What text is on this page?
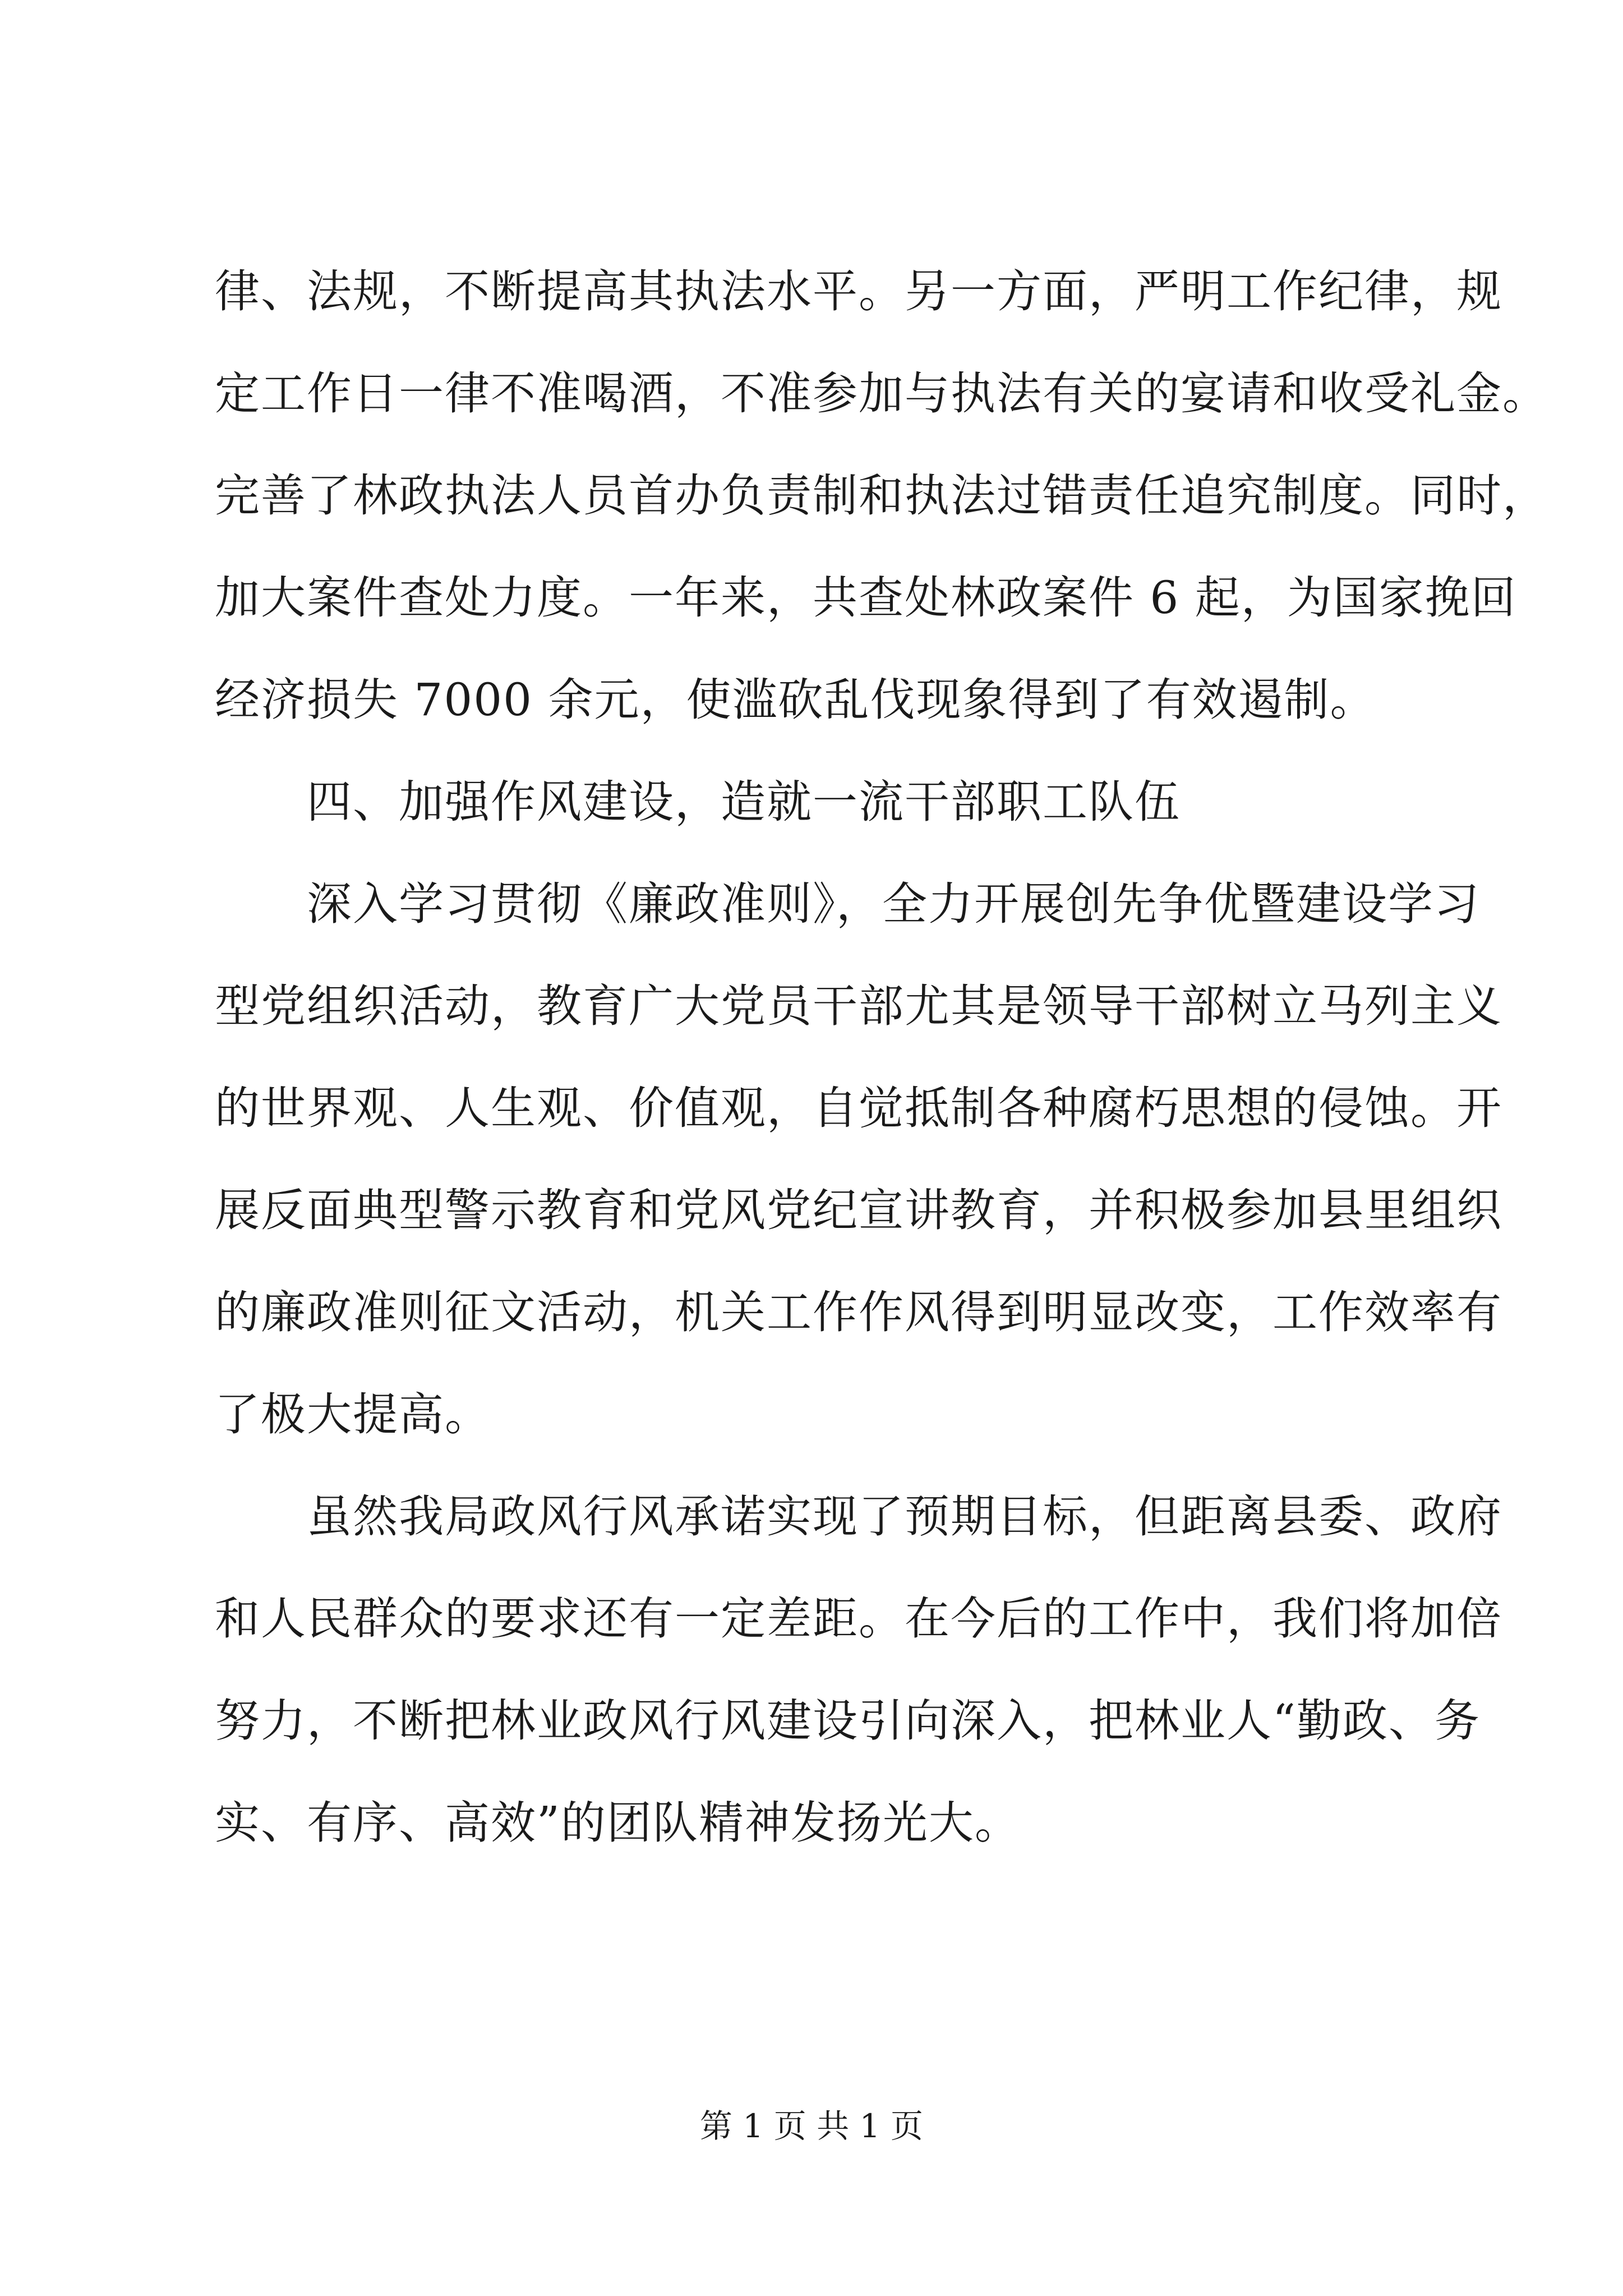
律、法规，不断提高其执法水平。另一方面，严明工作纪律，规
定工作日一律不准喝酒，不准参加与执法有关的宴请和收受礼金。
完善了林政执法人员首办负责制和执法过错责任追究制度。同时，
加大案件查处力度。一年来，共查处林政案件 6 起，为国家挽回
经济损失 7000 余元，使滥砍乱伐现象得到了有效遏制。
　　四、加强作风建设，造就一流干部职工队伍
　　深入学习贯彻《廉政准则》，全力开展创先争优暨建设学习
型党组织活动，教育广大党员干部尤其是领导干部树立马列主义
的世界观、人生观、价值观，自觉抵制各种腐朽思想的侵蚀。开
展反面典型警示教育和党风党纪宣讲教育，并积极参加县里组织
的廉政准则征文活动，机关工作作风得到明显改变，工作效率有
了极大提高。
　　虽然我局政风行风承诺实现了预期目标，但距离县委、政府
和人民群众的要求还有一定差距。在今后的工作中，我们将加倍
努力，不断把林业政风行风建设引向深入，把林业人“勤政、务
实、有序、高效”的团队精神发扬光大。
第 1 页 共 1 页
